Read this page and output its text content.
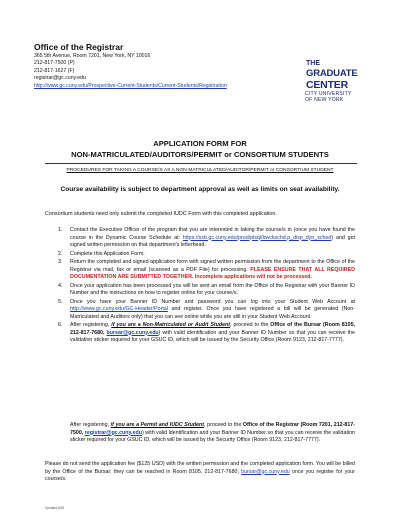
Office of the Registrar
365 5th Avenue, Room 7201, New York, NY 10016
212-817-7500 (P)
212-817-1627 (F)
registrar@gc.cuny.edu
http://www.gc.cuny.edu/Prospective-Current-Students/Current-Students/Registration
THE
GRADUATE
CENTER
CITY UNIVERSITY
OF NEW YORK
APPLICATION FORM FOR
NON-MATRICULATED/AUDITORS/PERMIT or CONSORTIUM STUDENTS
PROCEDURES FOR TAKING A COURSE/S AS A NON-MATRICULATED/AUDITOR/PERMIT or CONSORTIUM STUDENT
Course availability is subject to department approval as well as limits on seat availability.
Consortium students need only submit the completed IUDC Form with this completed application.
1. Contact the Executive Officer of the program that you are interested in taking the course/s in (once you have found the course in the Dynamic Course Schedule at: https://ssb.gc.cuny.edu/prod/plsql/bwckschd.p_disp_dyn_sched) and get signed written permission on that department's letterhead.
2. Complete this Application Form.
3. Return the completed and signed application form with signed written permission from the department to the Office of the Registrar via mail, fax or email (scanned as a PDF File) for processing. PLEASE ENSURE THAT ALL REQUIRED DOCUMENTATION ARE SUBMITTED TOGETHER. Incomplete applications will not be processed.
4. Once your application has been processed you will be sent an email from the Office of the Registrar with your Banner ID Number and the instructions on how to register online for your course/s.
5. Once you have your Banner ID Number and password you can log into your Student Web Account at http://www.gc.cuny.edu/GC-Header/Portal and register. Once you have registered a bill will be generated (Non-Matriculated and Auditors only) that you can see online while you are still in your Student Web Account.
6. After registering, if you are a Non-Matriculated or Audit Student, proceed to the Office of the Bursar (Room 8105, 212-817-7680, bursar@gc.cuny.edu) with valid identification and your Banner ID Number so that you can receive the validation sticker required for your GSUC ID, which will be issued by the Security Office (Room 9123, 212-817-7777).
After registering, if you are a Permit and IUDC Student, proceed to the Office of the Registrar (Room 7201, 212-817-7500, registrar@gc.cuny.edu) with valid identification and your Banner ID Number so that you can receive the validation sticker required for your GSUC ID, which will be issued by the Security Office (Room 9123, 212-817-7777).
Please do not send the application fee ($125 USD) with the written permission and the completed application form. You will be billed by the Office of the Bursar; they can be reached in Room 8105, 212-817-7680, bursar@gc.cuny.edu once you register for your course/s.
Updated 8/15
